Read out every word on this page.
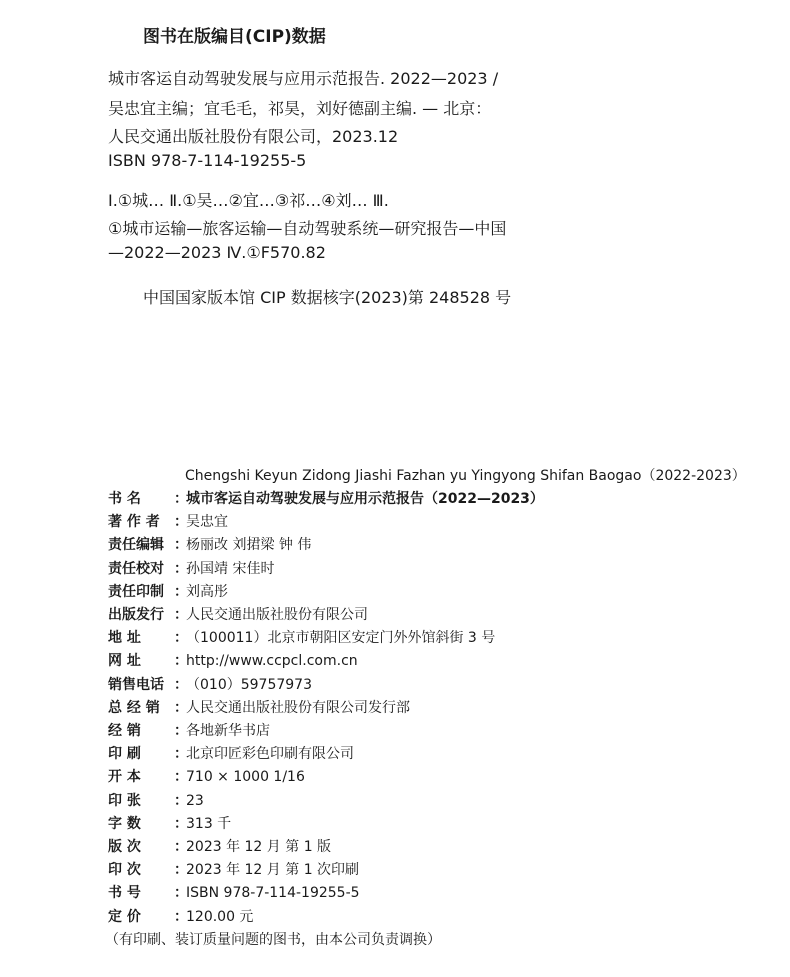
图书在版编目(CIP)数据
城市客运自动驾驶发展与应用示范报告. 2022—2023 /
吴忠宜主编；宜毛毛，祁昊，刘好德副主编. — 北京：
人民交通出版社股份有限公司，2023.12
ISBN 978-7-114-19255-5
Ⅰ.①城… Ⅱ.①吴…②宜…③祁…④刘… Ⅲ.
①城市运输—旅客运输—自动驾驶系统—研究报告—中国
—2022—2023 Ⅳ.①F570.82
中国国家版本馆 CIP 数据核字(2023)第 248528 号
Chengshi Keyun Zidong Jiashi Fazhan yu Yingyong Shifan Baogao（2022-2023）
书 名	：
城市客运自动驾驶发展与应用示范报告（2022—2023）
著 作 者	：
吴忠宜
责任编辑 ：
杨丽改 刘捃梁 钟 伟
责任校对 ：
孙国靖 宋佳时
责任印制 ：
刘高彤
出版发行 ：
人民交通出版社股份有限公司
地 址	：
（100011）北京市朝阳区安定门外外馆斜街 3 号
网 址	：
http://www.ccpcl.com.cn
销售电话 ：
（010）59757973
总 经 销	：
人民交通出版社股份有限公司发行部
经 销	：
各地新华书店
印 刷	：
北京印匠彩色印刷有限公司
开 本	：
710 × 1000 1/16
印 张	：
23
字 数	：
313 千
版 次	：
2023 年 12 月 第 1 版
印 次	：
2023 年 12 月 第 1 次印刷
书 号	：
ISBN 978-7-114-19255-5
定 价	：
120.00 元
（有印刷、装订质量问题的图书，由本公司负责调换）
